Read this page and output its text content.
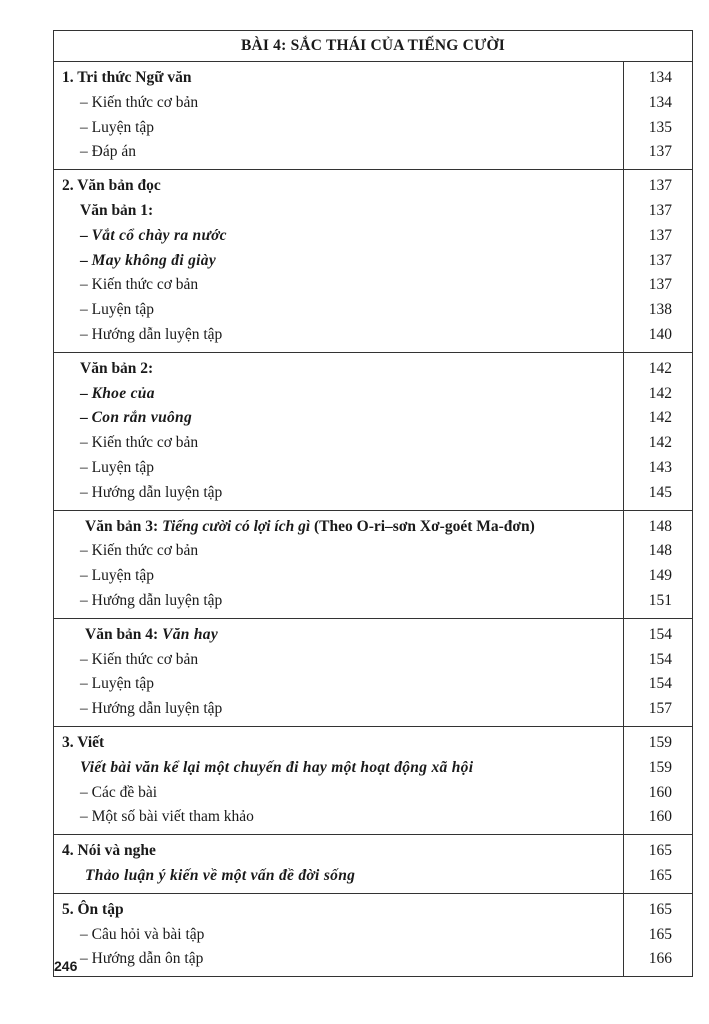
BÀI 4: SẮC THÁI CỦA TIẾNG CƯỜI
1. Tri thức Ngữ văn
– Kiến thức cơ bản
– Luyện tập
– Đáp án
134
134
135
137
2. Văn bản đọc
Văn bản 1:
– Vắt cổ chày ra nước
– May không đi giày
– Kiến thức cơ bản
– Luyện tập
– Hướng dẫn luyện tập
137
137
137
137
137
138
140
Văn bản 2:
– Khoe của
– Con rắn vuông
– Kiến thức cơ bản
– Luyện tập
– Hướng dẫn luyện tập
142
142
142
142
143
145
Văn bản 3: Tiếng cười có lợi ích gì (Theo O-ri–sơn Xơ-goét Ma-đơn)
– Kiến thức cơ bản
– Luyện tập
– Hướng dẫn luyện tập
148
148
149
151
Văn bản 4: Văn hay
– Kiến thức cơ bản
– Luyện tập
– Hướng dẫn luyện tập
154
154
154
157
3. Viết
Viết bài văn kể lại một chuyến đi hay một hoạt động xã hội
– Các đề bài
– Một số bài viết tham khảo
159
159
160
160
4. Nói và nghe
Thảo luận ý kiến về một vấn đề đời sống
165
165
5. Ôn tập
– Câu hỏi và bài tập
– Hướng dẫn ôn tập
165
165
166
246
